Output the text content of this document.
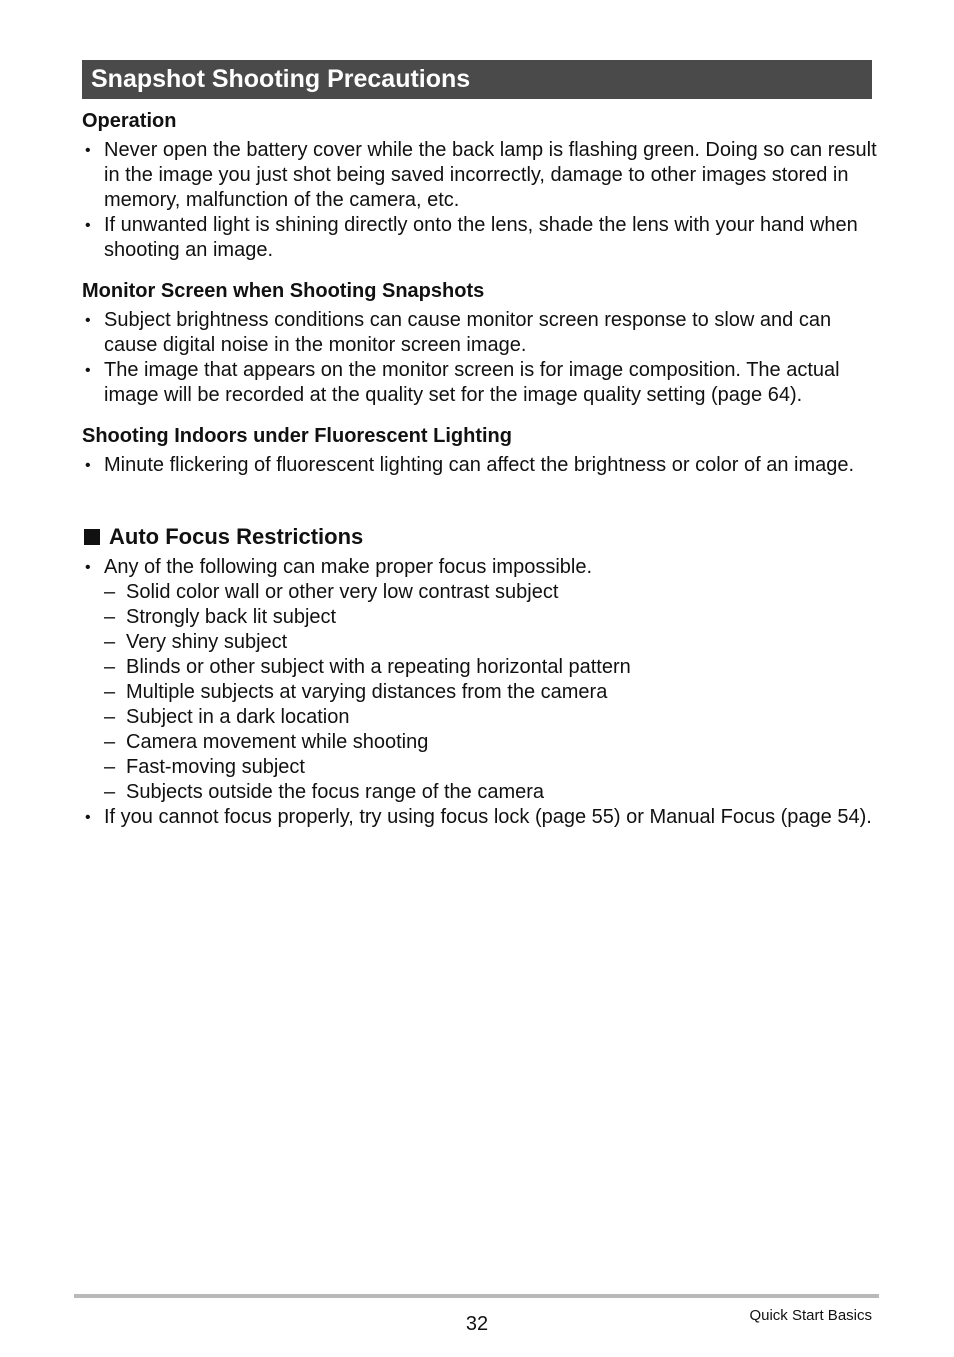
Snapshot Shooting Precautions
Operation
• Never open the battery cover while the back lamp is flashing green. Doing so can result in the image you just shot being saved incorrectly, damage to other images stored in memory, malfunction of the camera, etc.
• If unwanted light is shining directly onto the lens, shade the lens with your hand when shooting an image.
Monitor Screen when Shooting Snapshots
• Subject brightness conditions can cause monitor screen response to slow and can cause digital noise in the monitor screen image.
• The image that appears on the monitor screen is for image composition. The actual image will be recorded at the quality set for the image quality setting (page 64).
Shooting Indoors under Fluorescent Lighting
• Minute flickering of fluorescent lighting can affect the brightness or color of an image.
Auto Focus Restrictions
• Any of the following can make proper focus impossible.
– Solid color wall or other very low contrast subject
– Strongly back lit subject
– Very shiny subject
– Blinds or other subject with a repeating horizontal pattern
– Multiple subjects at varying distances from the camera
– Subject in a dark location
– Camera movement while shooting
– Fast-moving subject
– Subjects outside the focus range of the camera
• If you cannot focus properly, try using focus lock (page 55) or Manual Focus (page 54).
32	Quick Start Basics
